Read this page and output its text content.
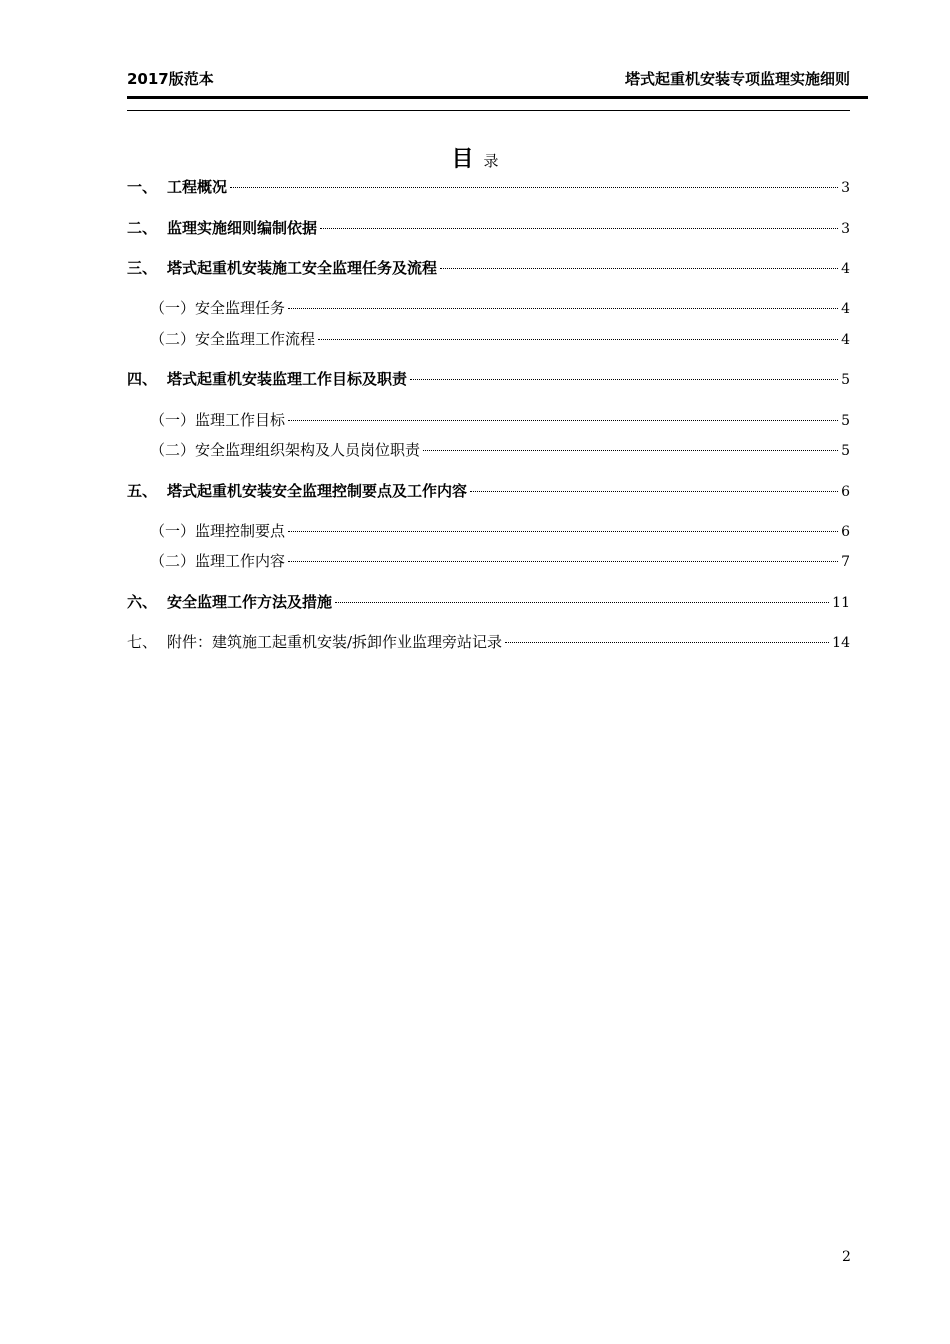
2017版范本	塔式起重机安装专项监理实施细则
目 录
一、 工程概况	3
二、 监理实施细则编制依据	3
三、 塔式起重机安装施工安全监理任务及流程	4
（一）安全监理任务	4
（二）安全监理工作流程	4
四、 塔式起重机安装监理工作目标及职责	5
（一）监理工作目标	5
（二）安全监理组织架构及人员岗位职责	5
五、 塔式起重机安装安全监理控制要点及工作内容	6
（一）监理控制要点	6
（二）监理工作内容	7
六、 安全监理工作方法及措施	11
七、 附件：建筑施工起重机安装/拆卸作业监理旁站记录	14
2
